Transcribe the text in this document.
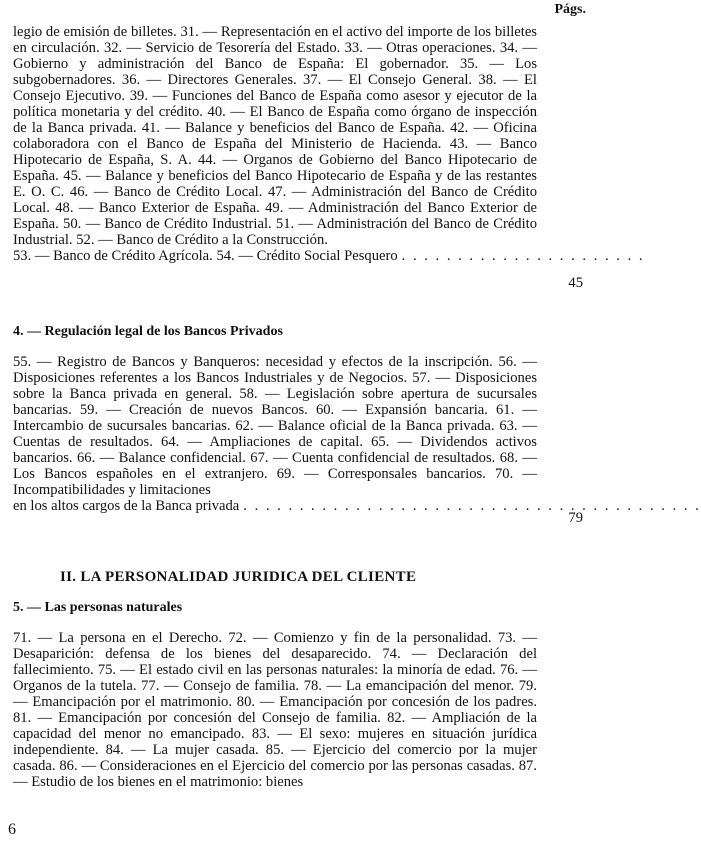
Págs.
legio de emisión de billetes. 31. — Representación en el activo del importe de los billetes en circulación. 32. — Servicio de Tesorería del Estado. 33. — Otras operaciones. 34. — Gobierno y administración del Banco de España: El gobernador. 35. — Los subgobernadores. 36. — Directores Generales. 37. — El Consejo General. 38. — El Consejo Ejecutivo. 39. — Funciones del Banco de España como asesor y ejecutor de la política monetaria y del crédito. 40. — El Banco de España como órgano de inspección de la Banca privada. 41. — Balance y beneficios del Banco de España. 42. — Oficina colaboradora con el Banco de España del Ministerio de Hacienda. 43. — Banco Hipotecario de España, S. A. 44. — Organos de Gobierno del Banco Hipotecario de España. 45. — Balance y beneficios del Banco Hipotecario de España y de las restantes E. O. C. 46. — Banco de Crédito Local. 47. — Administración del Banco de Crédito Local. 48. — Banco Exterior de España. 49. — Administración del Banco Exterior de España. 50. — Banco de Crédito Industrial. 51. — Administración del Banco de Crédito Industrial. 52. — Banco de Crédito a la Construcción.
53. — Banco de Crédito Agrícola. 54. — Crédito Social Pesquero . . . . . . . . . . . . . . . . . . . . . .
45
4. — Regulación legal de los Bancos Privados
55. — Registro de Bancos y Banqueros: necesidad y efectos de la inscripción. 56. — Disposiciones referentes a los Bancos Industriales y de Negocios. 57. — Disposiciones sobre la Banca privada en general. 58. — Legislación sobre apertura de sucursales bancarias. 59. — Creación de nuevos Bancos. 60. — Expansión bancaria. 61. — Intercambio de sucursales bancarias. 62. — Balance oficial de la Banca privada. 63. — Cuentas de resultados. 64. — Ampliaciones de capital. 65. — Dividendos activos bancarios. 66. — Balance confidencial. 67. — Cuenta confidencial de resultados. 68. — Los Bancos españoles en el extranjero. 69. — Corresponsales bancarios. 70. — Incompatibilidades y limitaciones
en los altos cargos de la Banca privada . . . . . . . . . . . . . . . . . . . . . . . . . . . . . . . . . . . . . . . . .
79
II. LA PERSONALIDAD JURIDICA DEL CLIENTE
5. — Las personas naturales
71. — La persona en el Derecho. 72. — Comienzo y fin de la personalidad. 73. — Desaparición: defensa de los bienes del desaparecido. 74. — Declaración del fallecimiento. 75. — El estado civil en las personas naturales: la minoría de edad. 76. — Organos de la tutela. 77. — Consejo de familia. 78. — La emancipación del menor. 79. — Emancipación por el matrimonio. 80. — Emancipación por concesión de los padres. 81. — Emancipación por concesión del Consejo de familia. 82. — Ampliación de la capacidad del menor no emancipado. 83. — El sexo: mujeres en situación jurídica independiente. 84. — La mujer casada. 85. — Ejercicio del comercio por la mujer casada. 86. — Consideraciones en el Ejercicio del comercio por las personas casadas. 87. — Estudio de los bienes en el matrimonio: bienes
6
